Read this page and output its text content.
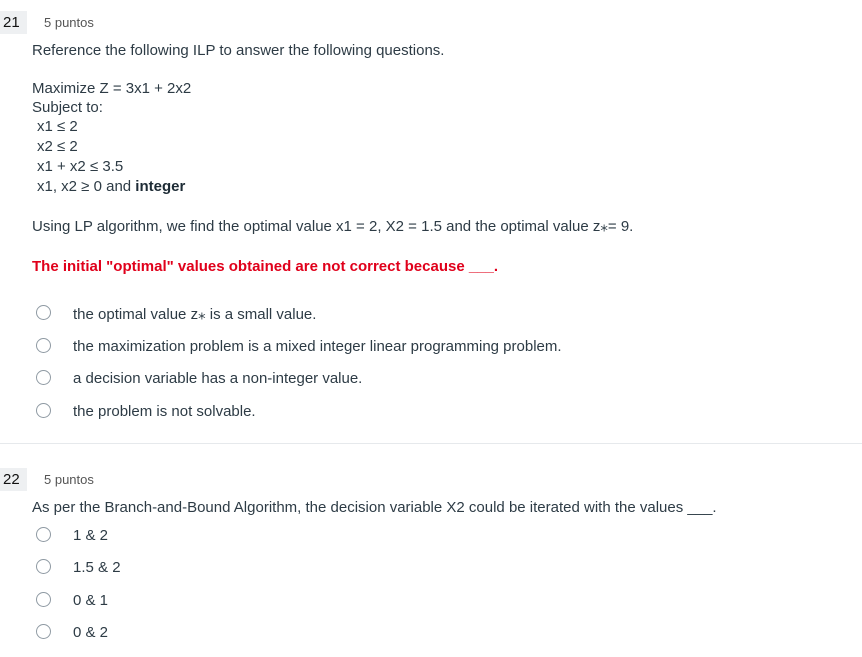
21	5 puntos
Reference the following ILP to answer the following questions.
Maximize Z = 3x1 + 2x2
Subject to:
x1 ≤ 2
x2 ≤ 2
x1 + x2 ≤ 3.5
x1, x2 ≥ 0 and integer
Using LP algorithm, we find the optimal value x1 = 2, X2 = 1.5 and the optimal value z⁎= 9.
The initial "optimal" values obtained are not correct because ___.
the optimal value z⁎ is a small value.
the maximization problem is a mixed integer linear programming problem.
a decision variable has a non-integer value.
the problem is not solvable.
22	5 puntos
As per the Branch-and-Bound Algorithm, the decision variable X2 could be iterated with the values ___.
1 & 2
1.5 & 2
0 & 1
0 & 2
